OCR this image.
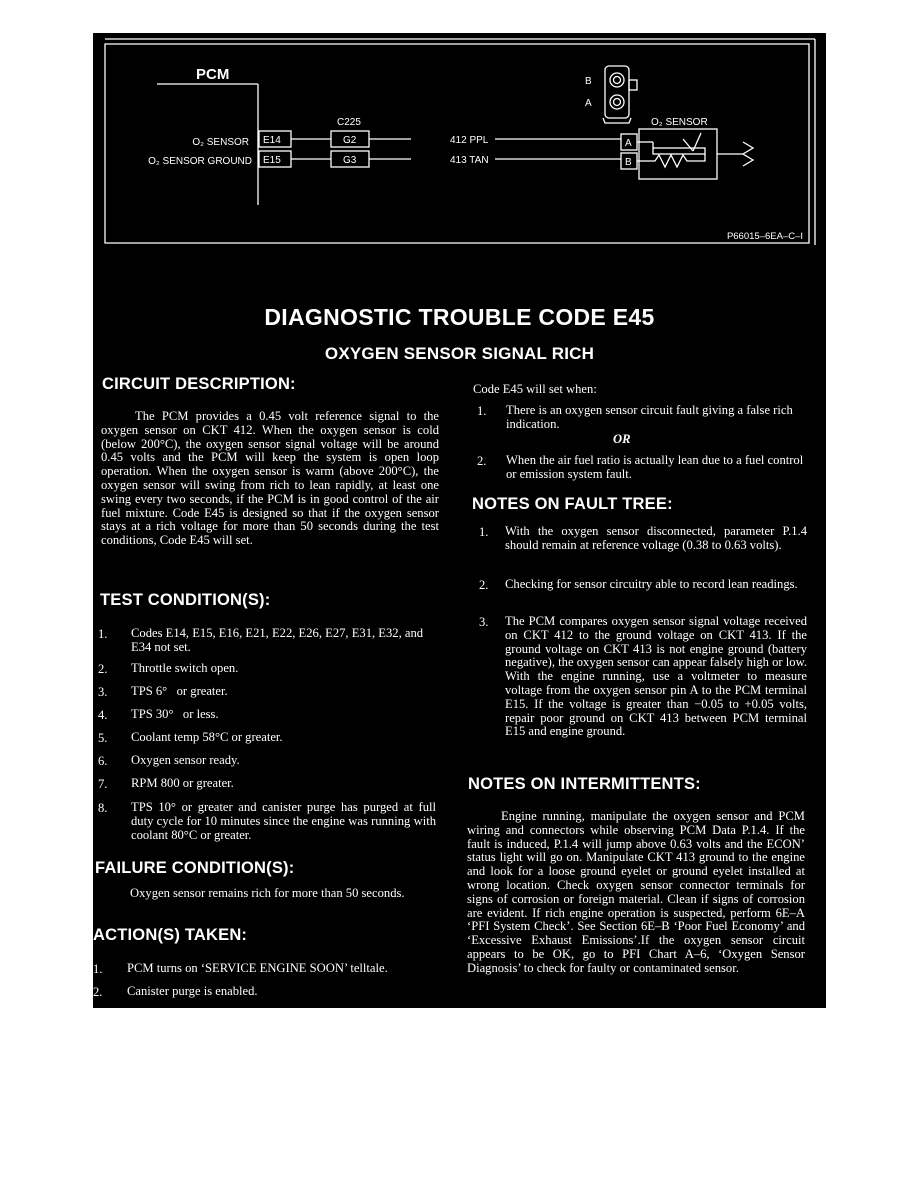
PCM
C225
O₂ SENSOR
O₂ SENSOR GROUND
E14
E15
G2
G3
412 PPL
413 TAN
O₂ SENSOR
A
B
B
A
P66015–6EA–C–I
DIAGNOSTIC TROUBLE CODE E45
OXYGEN SENSOR SIGNAL RICH
CIRCUIT DESCRIPTION:
The PCM provides a 0.45 volt reference signal to the oxygen sensor on CKT 412. When the oxygen sensor is cold (below 200°C), the oxygen sensor signal voltage will be around 0.45 volts and the PCM will keep the system is open loop operation. When the oxygen sensor is warm (above 200°C), the oxygen sensor will swing from rich to lean rapidly, at least one swing every two seconds, if the PCM is in good control of the air fuel mixture. Code E45 is designed so that if the oxygen sensor stays at a rich voltage for more than 50 seconds during the test conditions, Code E45 will set.
TEST CONDITION(S):
1. Codes E14, E15, E16, E21, E22, E26, E27, E31, E32, and E34 not set.
2. Throttle switch open.
3. TPS 6°   or greater.
4. TPS 30°   or less.
5. Coolant temp 58°C or greater.
6. Oxygen sensor ready.
7. RPM 800 or greater.
8. TPS 10° or greater and canister purge has purged at full duty cycle for 10 minutes since the engine was running with coolant 80°C or greater.
FAILURE CONDITION(S):
Oxygen sensor remains rich for more than 50 seconds.
ACTION(S) TAKEN:
1. PCM turns on ‘SERVICE ENGINE SOON’ telltale.
2. Canister purge is enabled.
Code E45 will set when:
1. There is an oxygen sensor circuit fault giving a false rich indication.
OR
2. When the air fuel ratio is actually lean due to a fuel control or emission system fault.
NOTES ON FAULT TREE:
1. With the oxygen sensor disconnected, parameter P.1.4 should remain at reference voltage (0.38 to 0.63 volts).
2. Checking for sensor circuitry able to record lean readings.
3. The PCM compares oxygen sensor signal voltage received on CKT 412 to the ground voltage on CKT 413. If the ground voltage on CKT 413 is not engine ground (battery negative), the oxygen sensor can appear falsely high or low. With the engine running, use a voltmeter to measure voltage from the oxygen sensor pin A to the PCM terminal E15. If the voltage is greater than −0.05 to +0.05 volts, repair poor ground on CKT 413 between PCM terminal E15 and engine ground.
NOTES ON INTERMITTENTS:
Engine running, manipulate the oxygen sensor and PCM wiring and connectors while observing PCM Data P.1.4. If the fault is induced, P.1.4 will jump above 0.63 volts and the ECON’ status light will go on. Manipulate CKT 413 ground to the engine and look for a loose ground eyelet or ground eyelet installed at wrong location. Check oxygen sensor connector terminals for signs of corrosion or foreign material. Clean if signs of corrosion are evident. If rich engine operation is suspected, perform 6E–A ‘PFI System Check’. See Section 6E–B ‘Poor Fuel Economy’ and ‘Excessive Exhaust Emissions’.If the oxygen sensor circuit appears to be OK, go to PFI Chart A–6, ‘Oxygen Sensor Diagnosis’ to check for faulty or contaminated sensor.
